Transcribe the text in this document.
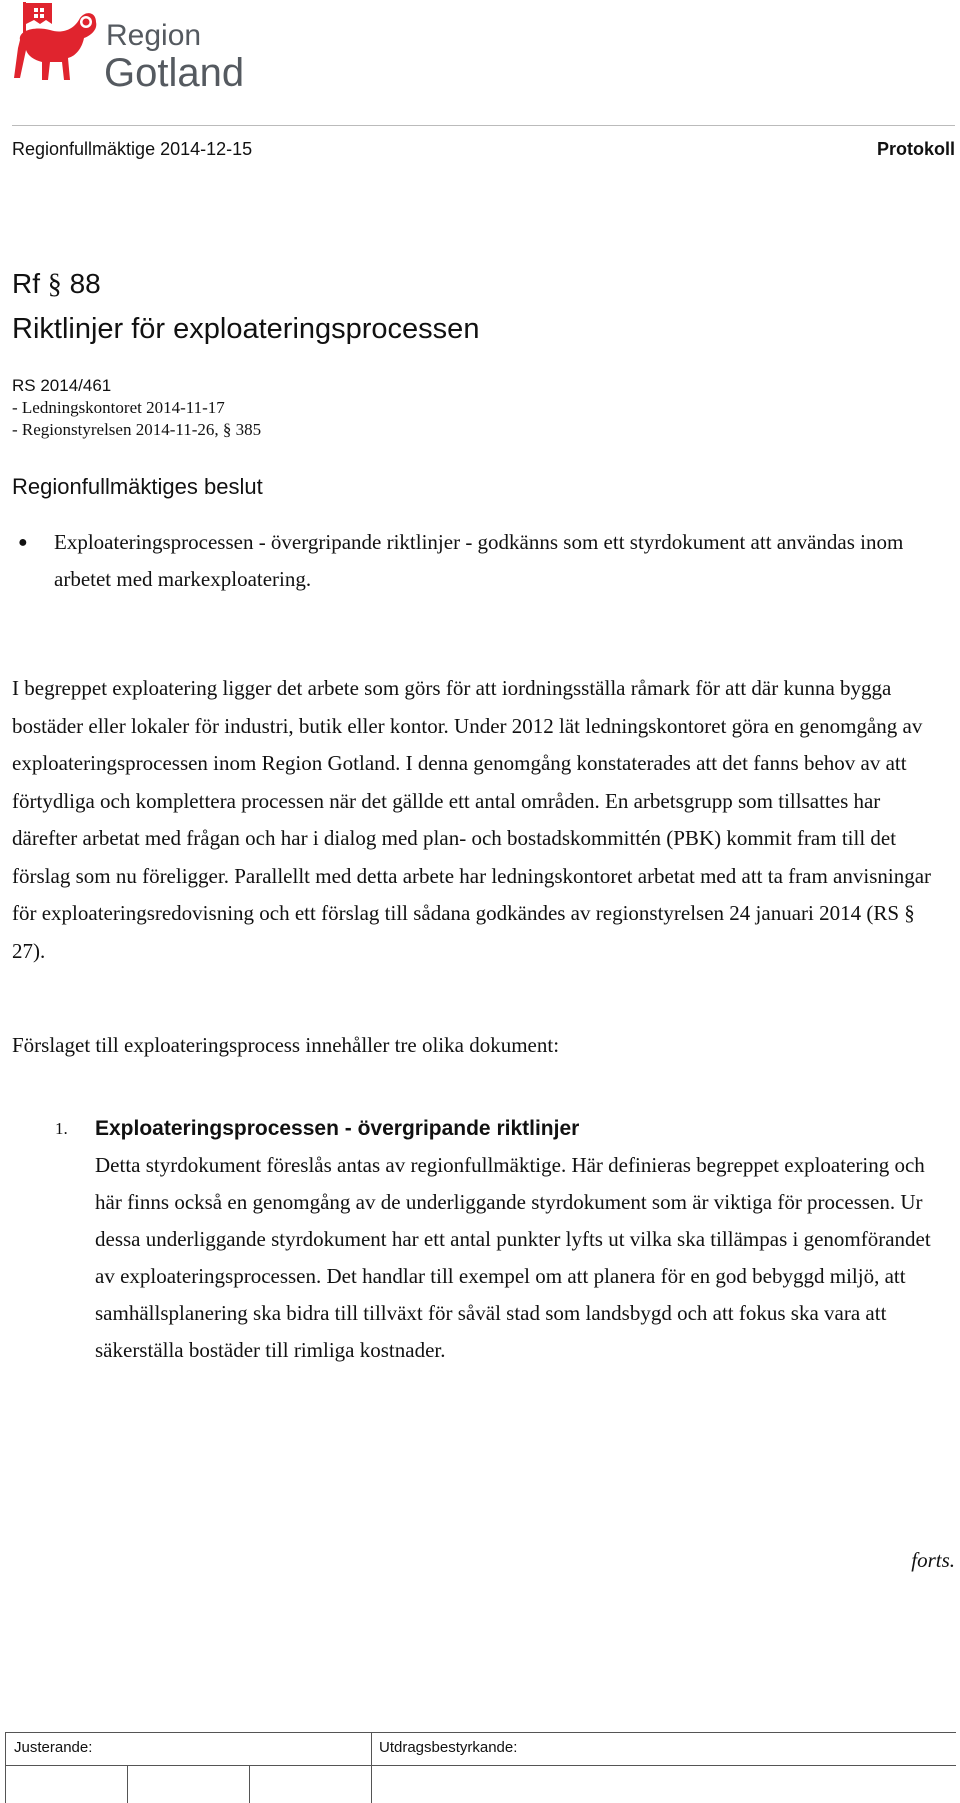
Region
Gotland
Regionfullmäktige 2014-12-15	Protokoll
Rf § 88
Riktlinjer för exploateringsprocessen
RS 2014/461
- Ledningskontoret 2014-11-17
- Regionstyrelsen 2014-11-26, § 385
Regionfullmäktiges beslut
●	Exploateringsprocessen - övergripande riktlinjer - godkänns som ett styrdokument att användas inom arbetet med markexploatering.
I begreppet exploatering ligger det arbete som görs för att iordningsställa råmark för att där kunna bygga bostäder eller lokaler för industri, butik eller kontor. Under 2012 lät ledningskontoret göra en genomgång av exploateringsprocessen inom Region Gotland. I denna genomgång konstaterades att det fanns behov av att förtydliga och komplettera processen när det gällde ett antal områden. En arbetsgrupp som tillsattes har därefter arbetat med frågan och har i dialog med plan- och bostadskommittén (PBK) kommit fram till det förslag som nu föreligger. Parallellt med detta arbete har ledningskontoret arbetat med att ta fram anvisningar för exploateringsredovisning och ett förslag till sådana godkändes av regionstyrelsen 24 januari 2014 (RS § 27).
Förslaget till exploateringsprocess innehåller tre olika dokument:
1.	Exploateringsprocessen - övergripande riktlinjer
Detta styrdokument föreslås antas av regionfullmäktige. Här definieras begreppet exploatering och här finns också en genomgång av de underliggande styrdokument som är viktiga för processen. Ur dessa underliggande styrdokument har ett antal punkter lyfts ut vilka ska tillämpas i genomförandet av exploateringsprocessen. Det handlar till exempel om att planera för en god bebyggd miljö, att samhällsplanering ska bidra till tillväxt för såväl stad som landsbygd och att fokus ska vara att säkerställa bostäder till rimliga kostnader.
forts.
Justerande:	Utdragsbestyrkande:
